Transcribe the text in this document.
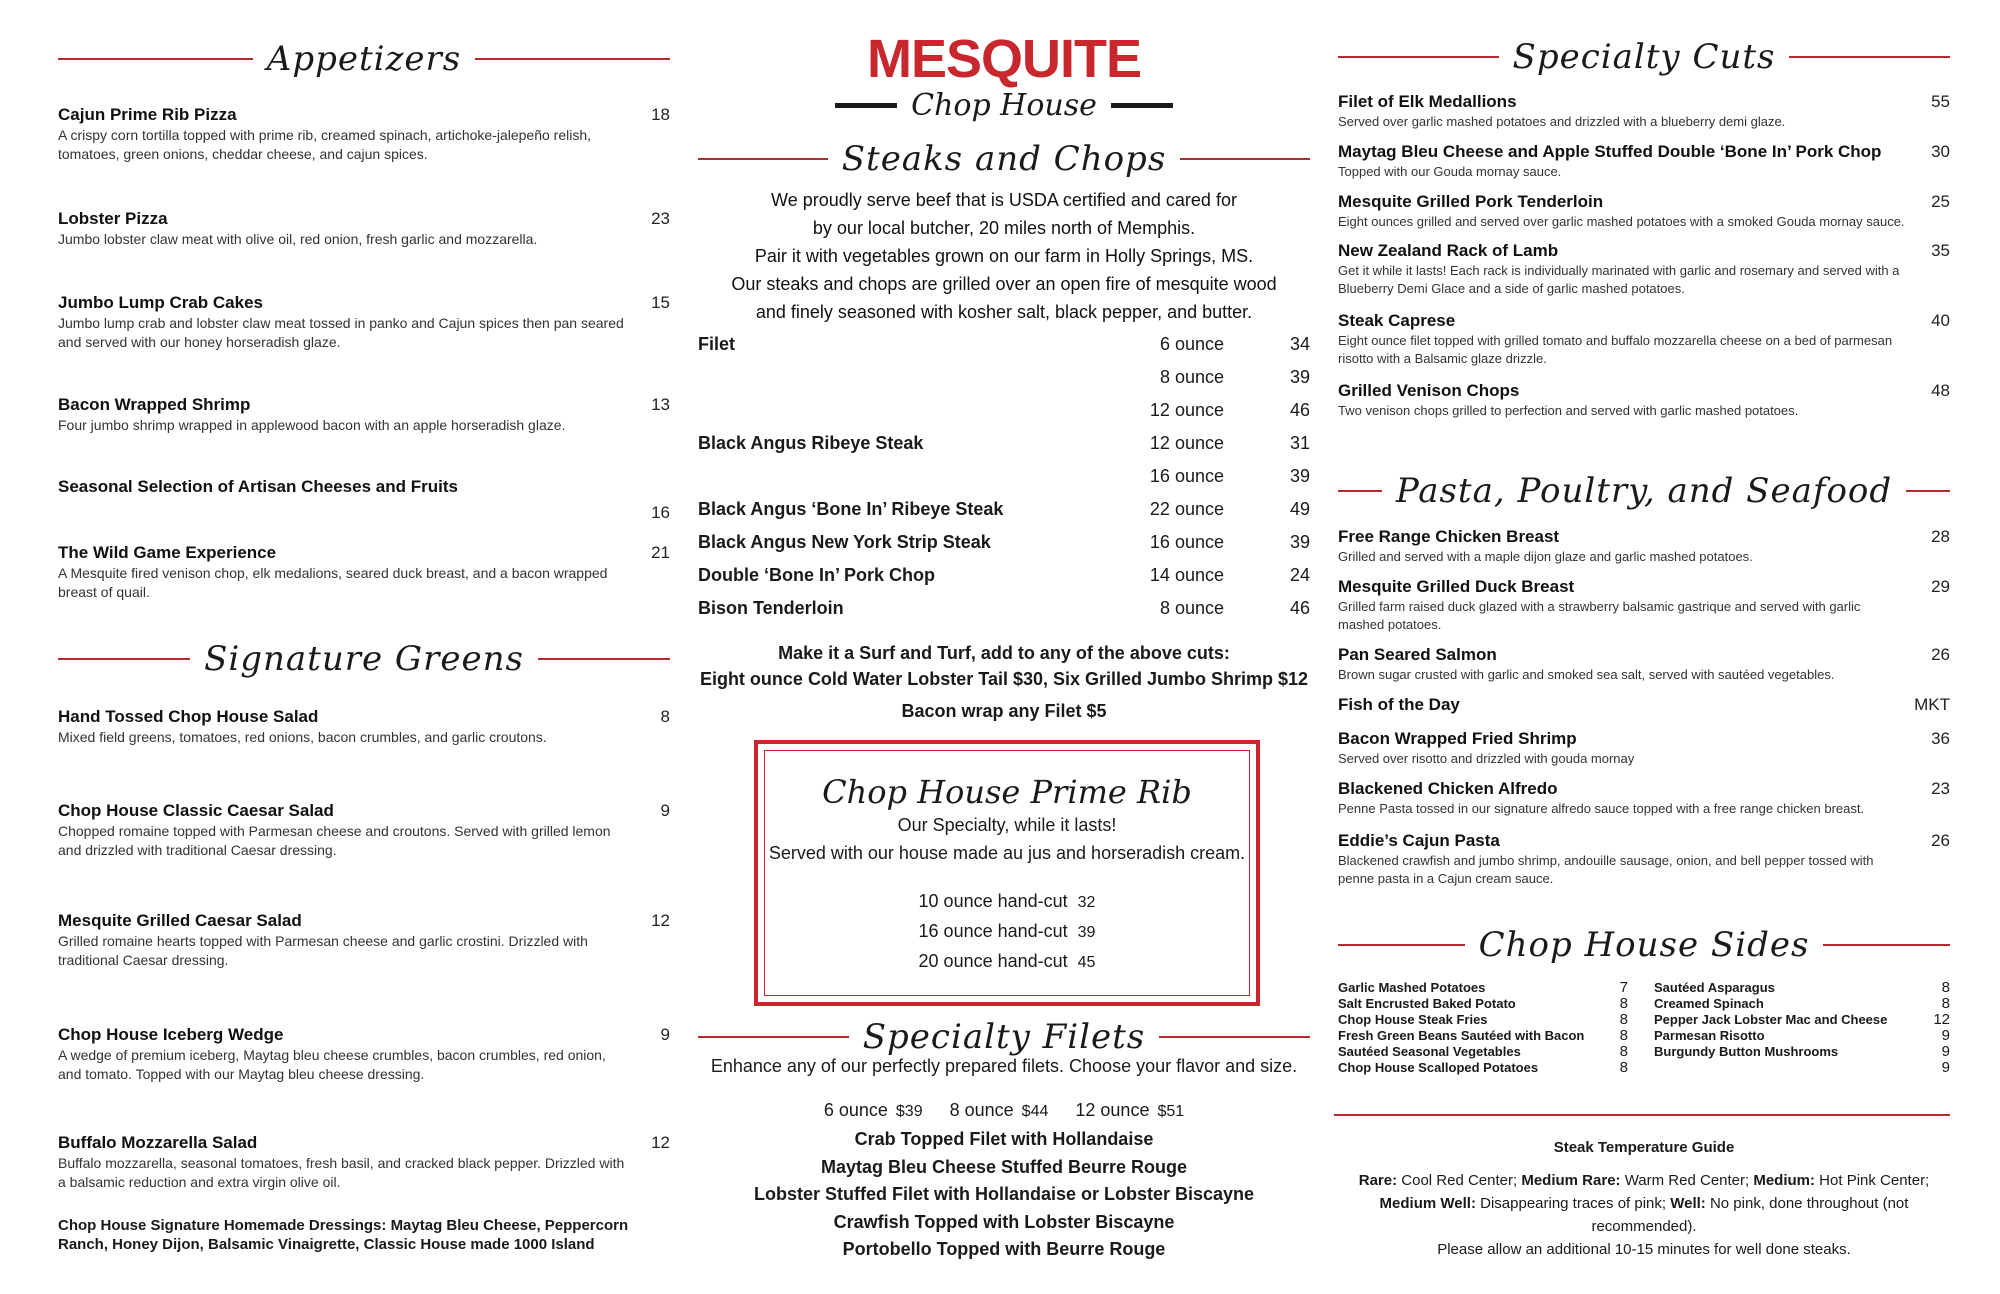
Appetizers
Cajun Prime Rib Pizza	18
A crispy corn tortilla topped with prime rib, creamed spinach, artichoke-jalepeño relish, tomatoes, green onions, cheddar cheese, and cajun spices.
Lobster Pizza	23
Jumbo lobster claw meat with olive oil, red onion, fresh garlic and mozzarella.
Jumbo Lump Crab Cakes	15
Jumbo lump crab and lobster claw meat tossed in panko and Cajun spices then pan seared and served with our honey horseradish glaze.
Bacon Wrapped Shrimp	13
Four jumbo shrimp wrapped in applewood bacon with an apple horseradish glaze.
Seasonal Selection of Artisan Cheeses and Fruits
16
The Wild Game Experience	21
A Mesquite fired venison chop, elk medalions, seared duck breast, and a bacon wrapped breast of quail.
Signature Greens
Hand Tossed Chop House Salad	8
Mixed field greens, tomatoes, red onions, bacon crumbles, and garlic croutons.
Chop House Classic Caesar Salad	9
Chopped romaine topped with Parmesan cheese and croutons. Served with grilled lemon and drizzled with traditional Caesar dressing.
Mesquite Grilled Caesar Salad	12
Grilled romaine hearts topped with Parmesan cheese and garlic crostini. Drizzled with traditional Caesar dressing.
Chop House Iceberg Wedge	9
A wedge of premium iceberg, Maytag bleu cheese crumbles, bacon crumbles, red onion, and tomato. Topped with our Maytag bleu cheese dressing.
Buffalo Mozzarella Salad	12
Buffalo mozzarella, seasonal tomatoes, fresh basil, and cracked black pepper. Drizzled with a balsamic reduction and extra virgin olive oil.
Chop House Signature Homemade Dressings: Maytag Bleu Cheese, Peppercorn Ranch, Honey Dijon, Balsamic Vinaigrette, Classic House made 1000 Island
MESQUITE
Chop House
Steaks and Chops
We proudly serve beef that is USDA certified and cared for
by our local butcher, 20 miles north of Memphis.
Pair it with vegetables grown on our farm in Holly Springs, MS.
Our steaks and chops are grilled over an open fire of mesquite wood
and finely seasoned with kosher salt, black pepper, and butter.
Filet	6 ounce	34
8 ounce	39
12 ounce	46
Black Angus Ribeye Steak	12 ounce	31
16 ounce	39
Black Angus ‘Bone In’ Ribeye Steak	22 ounce	49
Black Angus New York Strip Steak	16 ounce	39
Double ‘Bone In’ Pork Chop	14 ounce	24
Bison Tenderloin	8 ounce	46
Make it a Surf and Turf, add to any of the above cuts:
Eight ounce Cold Water Lobster Tail $30, Six Grilled Jumbo Shrimp $12
Bacon wrap any Filet $5
Chop House Prime Rib
Our Specialty, while it lasts!
Served with our house made au jus and horseradish cream.
10 ounce hand-cut 32
16 ounce hand-cut 39
20 ounce hand-cut 45
Specialty Filets
Enhance any of our perfectly prepared filets. Choose your flavor and size.
6 ounce $39 8 ounce $44 12 ounce $51
Crab Topped Filet with Hollandaise
Maytag Bleu Cheese Stuffed Beurre Rouge
Lobster Stuffed Filet with Hollandaise or Lobster Biscayne
Crawfish Topped with Lobster Biscayne
Portobello Topped with Beurre Rouge
Specialty Cuts
Filet of Elk Medallions	55
Served over garlic mashed potatoes and drizzled with a blueberry demi glaze.
Maytag Bleu Cheese and Apple Stuffed Double ‘Bone In’ Pork Chop	30
Topped with our Gouda mornay sauce.
Mesquite Grilled Pork Tenderloin	25
Eight ounces grilled and served over garlic mashed potatoes with a smoked Gouda mornay sauce.
New Zealand Rack of Lamb	35
Get it while it lasts! Each rack is individually marinated with garlic and rosemary and served with a Blueberry Demi Glace and a side of garlic mashed potatoes.
Steak Caprese	40
Eight ounce filet topped with grilled tomato and buffalo mozzarella cheese on a bed of parmesan risotto with a Balsamic glaze drizzle.
Grilled Venison Chops	48
Two venison chops grilled to perfection and served with garlic mashed potatoes.
Pasta, Poultry, and Seafood
Free Range Chicken Breast	28
Grilled and served with a maple dijon glaze and garlic mashed potatoes.
Mesquite Grilled Duck Breast	29
Grilled farm raised duck glazed with a strawberry balsamic gastrique and served with garlic mashed potatoes.
Pan Seared Salmon	26
Brown sugar crusted with garlic and smoked sea salt, served with sautéed vegetables.
Fish of the Day	MKT
Bacon Wrapped Fried Shrimp	36
Served over risotto and drizzled with gouda mornay
Blackened Chicken Alfredo	23
Penne Pasta tossed in our signature alfredo sauce topped with a free range chicken breast.
Eddie’s Cajun Pasta	26
Blackened crawfish and jumbo shrimp, andouille sausage, onion, and bell pepper tossed with penne pasta in a Cajun cream sauce.
Chop House Sides
Garlic Mashed Potatoes	7
Salt Encrusted Baked Potato	8
Chop House Steak Fries	8
Fresh Green Beans Sautéed with Bacon 8
Sautéed Seasonal Vegetables	8
Chop House Scalloped Potatoes	8
Sautéed Asparagus	8
Creamed Spinach	8
Pepper Jack Lobster Mac and Cheese	12
Parmesan Risotto	9
Burgundy Button Mushrooms	9
9
Steak Temperature Guide
Rare: Cool Red Center; Medium Rare: Warm Red Center; Medium: Hot Pink Center;
Medium Well: Disappearing traces of pink; Well: No pink, done throughout (not recommended).
Please allow an additional 10-15 minutes for well done steaks.
